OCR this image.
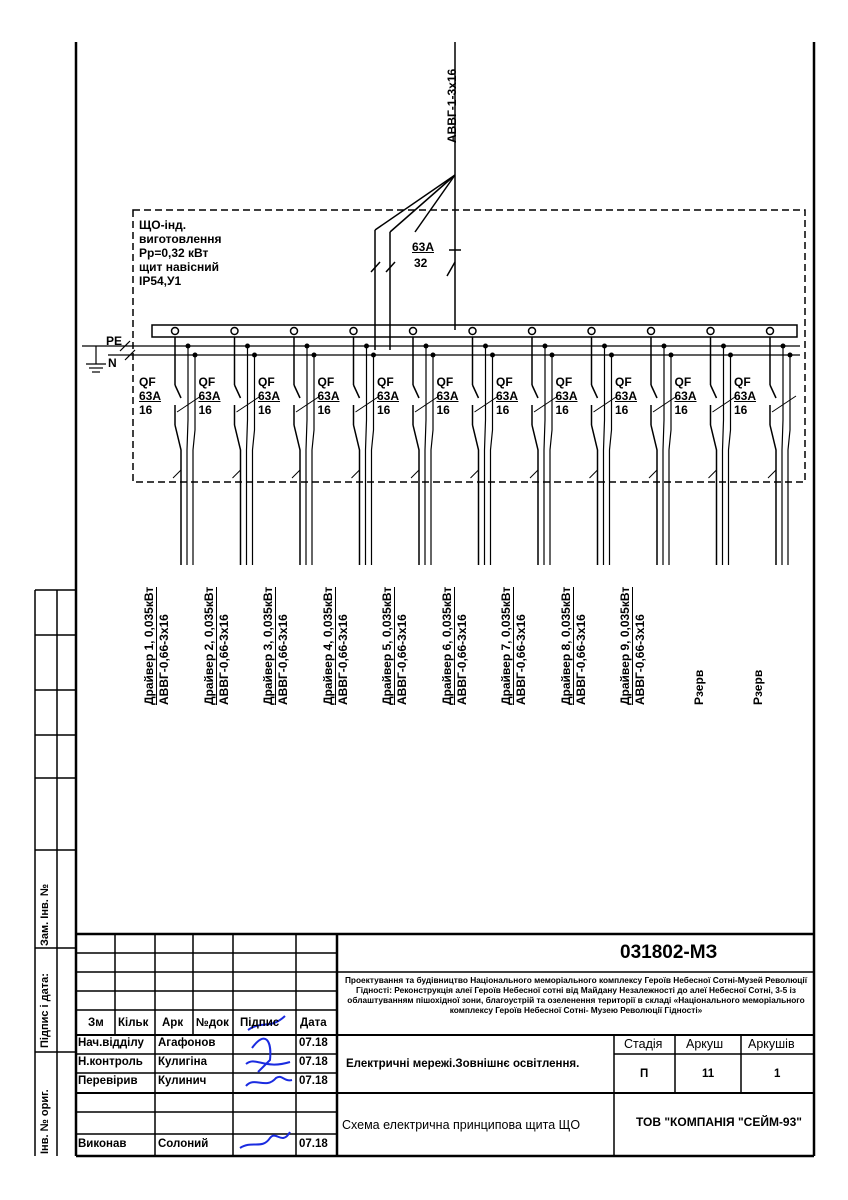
АВВГ-1-3х16
ЩО-інд.
виготовлення
Рр=0,32 кВт
щит навісний
IP54,У1
63А
32
PE
N
QF
63А
16
QF
63А
16
QF
63А
16
QF
63А
16
QF
63А
16
QF
63А
16
QF
63А
16
QF
63А
16
QF
63А
16
QF
63А
16
QF
63А
16
Драйвер 1, 0,035кВт АВВГ-0,66-3х16	Драйвер 2, 0,035кВт АВВГ-0,66-3х16	Драйвер 3, 0,035кВт АВВГ-0,66-3х16	Драйвер 4, 0,035кВт АВВГ-0,66-3х16	Драйвер 5, 0,035кВт АВВГ-0,66-3х16	Драйвер 6, 0,035кВт АВВГ-0,66-3х16	Драйвер 7, 0,035кВт АВВГ-0,66-3х16	Драйвер 8, 0,035кВт АВВГ-0,66-3х16	Драйвер 9, 0,035кВт АВВГ-0,66-3х16
	Рзерв
	Рзерв
Зам. Інв. №
Підпис і дата:
Інв. № ориг.
031802-МЗ
Проектування та будівництво Національного меморіального комплексу Героїв Небесної Сотні-Музей Революції Гідності: Реконструкція алеї Героїв Небесної сотні від Майдану Незалежності до алеї Небесної Сотні, 3-5 із облаштуванням пішохідної зони, благоустрій та озеленення території в складі «Національного меморіального комплексу Героїв Небесної Сотні- Музею Революції Гідності»
Зм Кільк Арк №док Підпис Дата
Нач.відділу Агафонов	07.18
Н.контроль Кулигіна	07.18
Перевірив Кулинич	07.18
Виконав	Солоний	07.18
Електричні мережі.Зовнішнє освітлення.
Схема електрична принципова щита ЩО
Стадія Аркуш Аркушів
П	11	1
ТОВ "КОМПАНІЯ "СЕЙМ-93"
